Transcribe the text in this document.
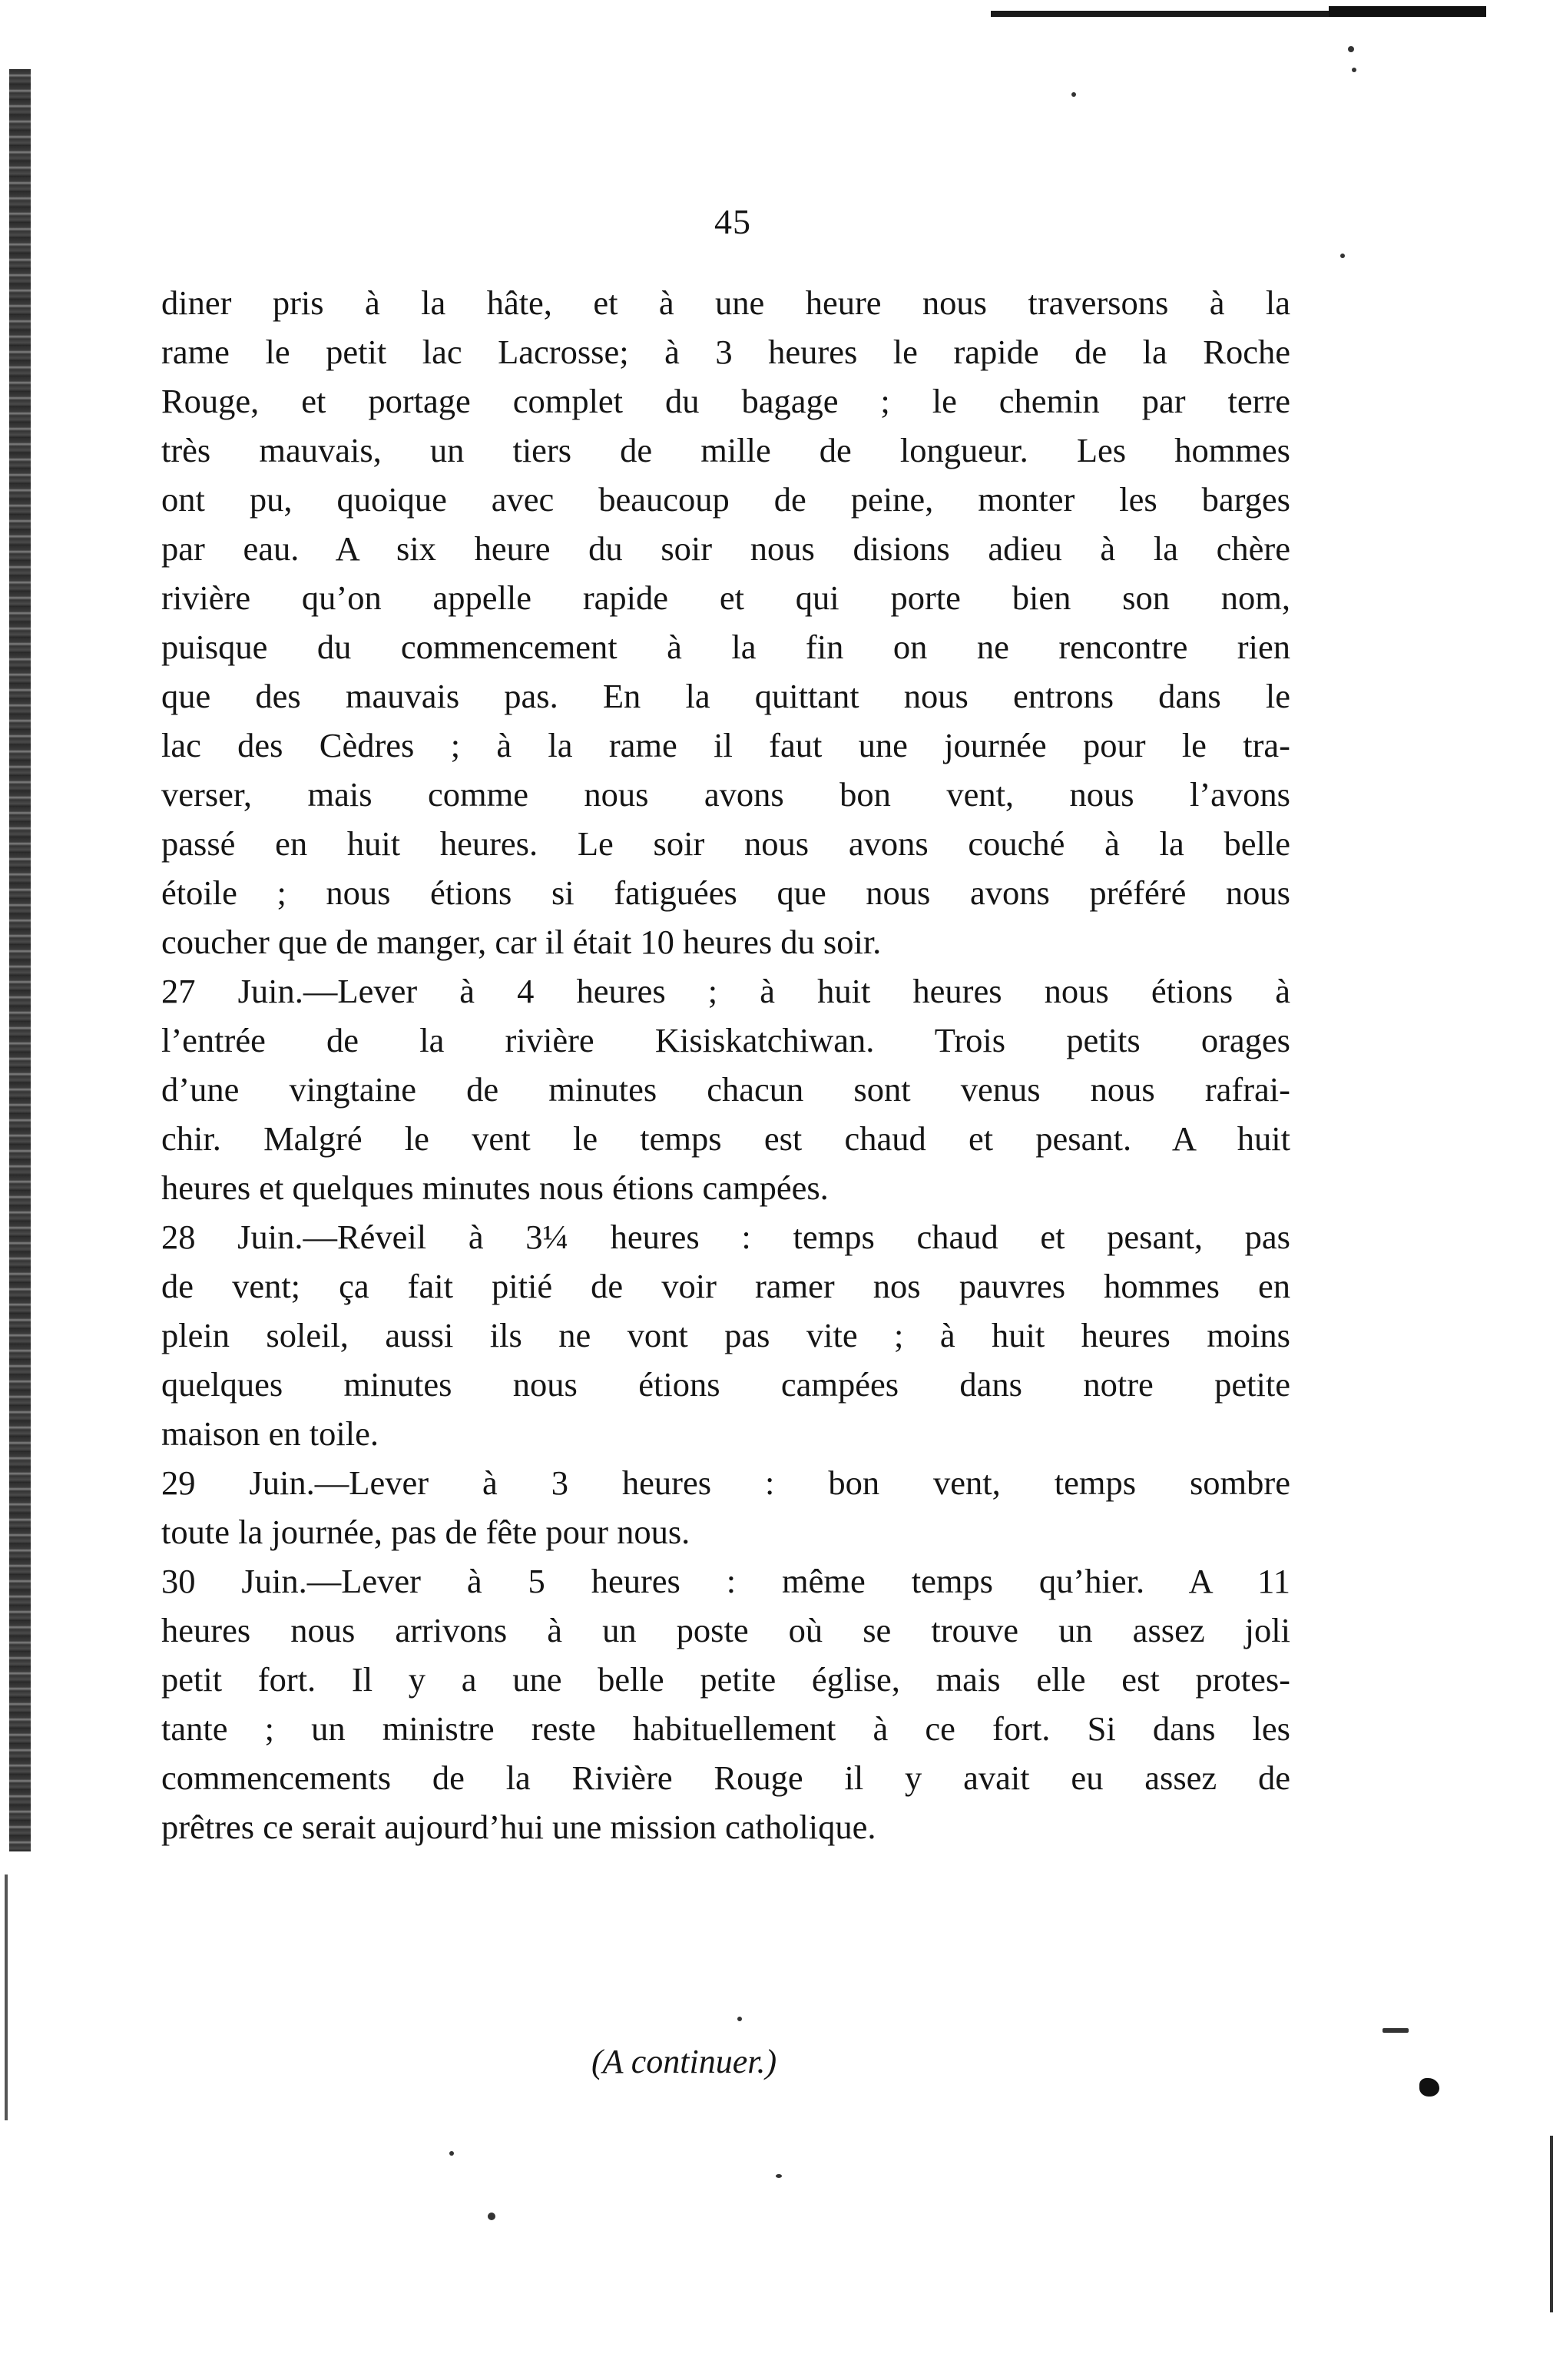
45
diner pris à la hâte, et à une heure nous traversons à la
rame le petit lac Lacrosse; à 3 heures le rapide de la Roche
Rouge, et portage complet du bagage ; le chemin par terre
très mauvais, un tiers de mille de longueur. Les hommes
ont pu, quoique avec beaucoup de peine, monter les barges
par eau. A six heure du soir nous disions adieu à la chère
rivière qu’on appelle rapide et qui porte bien son nom,
puisque du commencement à la fin on ne rencontre rien
que des mauvais pas. En la quittant nous entrons dans le
lac des Cèdres ; à la rame il faut une journée pour le tra-
verser, mais comme nous avons bon vent, nous l’avons
passé en huit heures. Le soir nous avons couché à la belle
étoile ; nous étions si fatiguées que nous avons préféré nous
coucher que de manger, car il était 10 heures du soir.
27 Juin.—Lever à 4 heures ; à huit heures nous étions à
l’entrée de la rivière Kisiskatchiwan. Trois petits orages
d’une vingtaine de minutes chacun sont venus nous rafrai-
chir. Malgré le vent le temps est chaud et pesant. A huit
heures et quelques minutes nous étions campées.
28 Juin.—Réveil à 3¼ heures : temps chaud et pesant, pas
de vent; ça fait pitié de voir ramer nos pauvres hommes en
plein soleil, aussi ils ne vont pas vite ; à huit heures moins
quelques minutes nous étions campées dans notre petite
maison en toile.
29 Juin.—Lever à 3 heures : bon vent, temps sombre
toute la journée, pas de fête pour nous.
30 Juin.—Lever à 5 heures : même temps qu’hier. A 11
heures nous arrivons à un poste où se trouve un assez joli
petit fort. Il y a une belle petite église, mais elle est protes-
tante ; un ministre reste habituellement à ce fort. Si dans les
commencements de la Rivière Rouge il y avait eu assez de
prêtres ce serait aujourd’hui une mission catholique.
(A continuer.)
